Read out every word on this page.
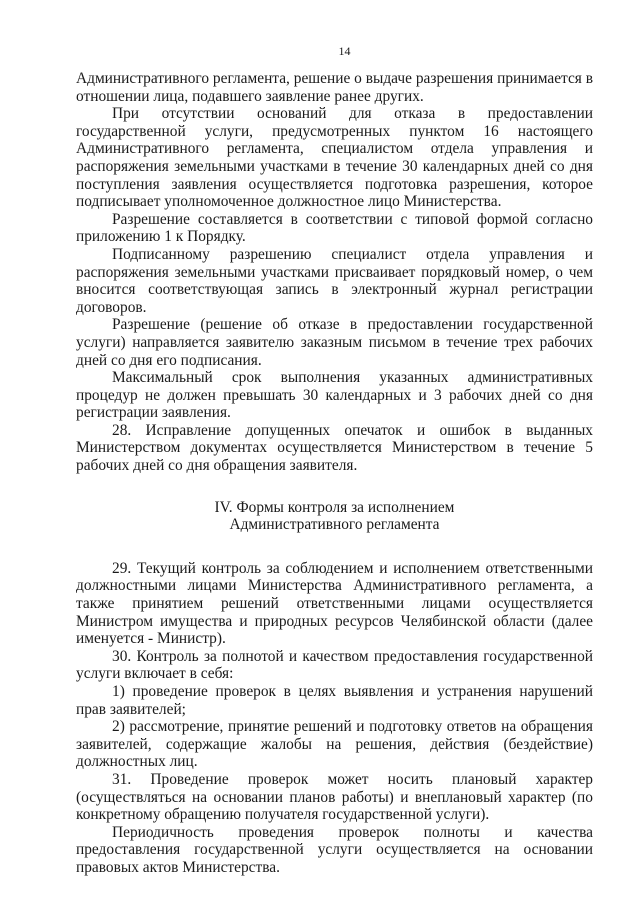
14

Административного регламента, решение о выдаче разрешения принимается в отношении лица, подавшего заявление ранее других.

При отсутствии оснований для отказа в предоставлении государственной услуги, предусмотренных пунктом 16 настоящего Административного регламента, специалистом отдела управления и распоряжения земельными участками в течение 30 календарных дней со дня поступления заявления осуществляется подготовка разрешения, которое подписывает уполномоченное должностное лицо Министерства.

Разрешение составляется в соответствии с типовой формой согласно приложению 1 к Порядку.

Подписанному разрешению специалист отдела управления и распоряжения земельными участками присваивает порядковый номер, о чем вносится соответствующая запись в электронный журнал регистрации договоров.

Разрешение (решение об отказе в предоставлении государственной услуги) направляется заявителю заказным письмом в течение трех рабочих дней со дня его подписания.

Максимальный срок выполнения указанных административных процедур не должен превышать 30 календарных и 3 рабочих дней со дня регистрации заявления.

28. Исправление допущенных опечаток и ошибок в выданных Министерством документах осуществляется Министерством в течение 5 рабочих дней со дня обращения заявителя.

IV. Формы контроля за исполнением
Административного регламента

29. Текущий контроль за соблюдением и исполнением ответственными должностными лицами Министерства Административного регламента, а также принятием решений ответственными лицами осуществляется Министром имущества и природных ресурсов Челябинской области (далее именуется - Министр).

30. Контроль за полнотой и качеством предоставления государственной услуги включает в себя:

1) проведение проверок в целях выявления и устранения нарушений прав заявителей;

2) рассмотрение, принятие решений и подготовку ответов на обращения заявителей, содержащие жалобы на решения, действия (бездействие) должностных лиц.

31. Проведение проверок может носить плановый характер (осуществляться на основании планов работы) и внеплановый характер (по конкретному обращению получателя государственной услуги).

Периодичность проведения проверок полноты и качества предоставления государственной услуги осуществляется на основании правовых актов Министерства.
